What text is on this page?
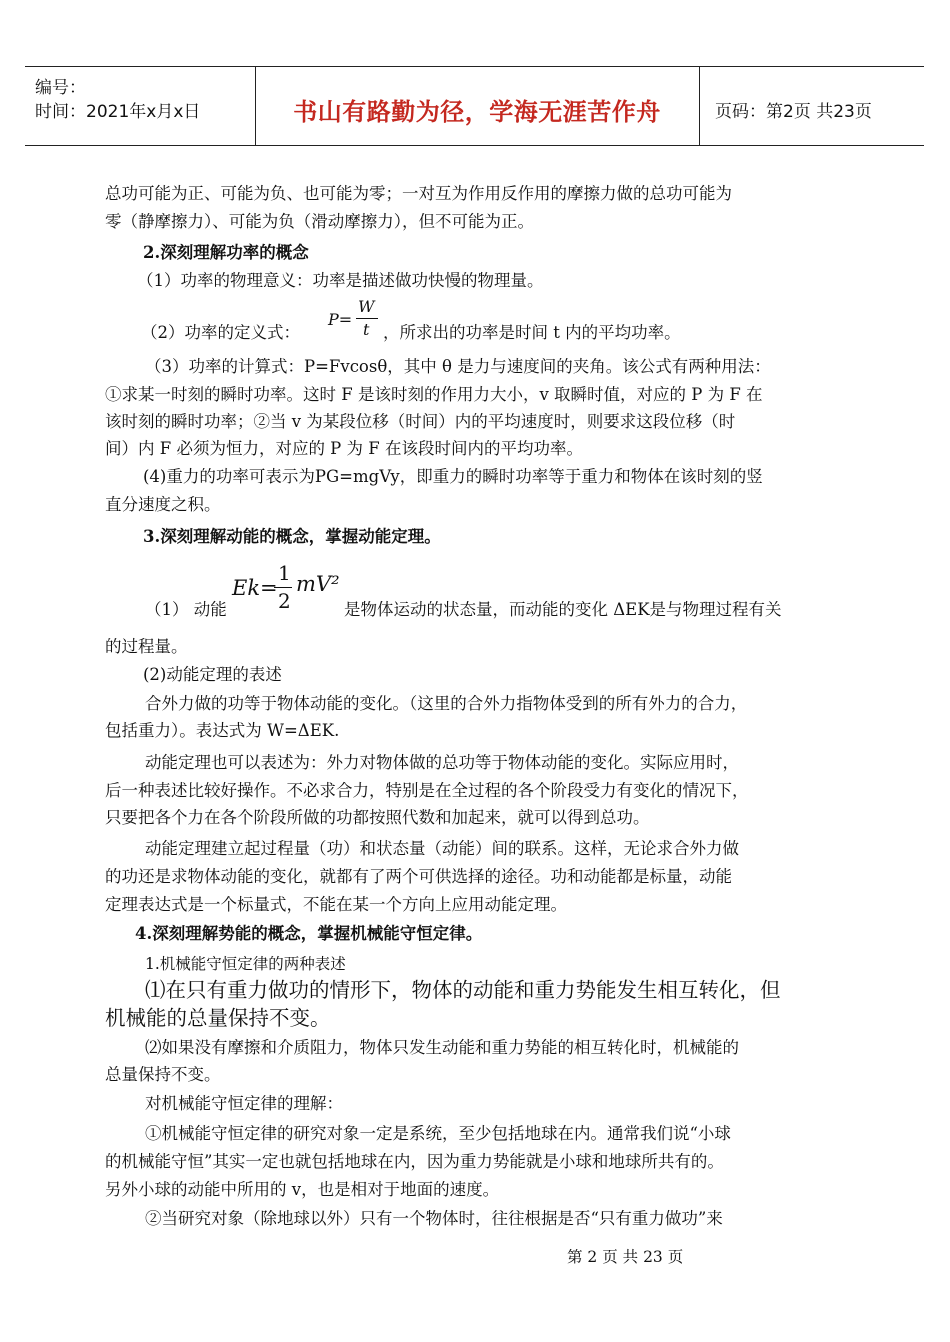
编号：
时间：2021年x月x日	书山有路勤为径，学海无涯苦作舟	页码：第2页 共23页
总功可能为正、可能为负、也可能为零；一对互为作用反作用的摩擦力做的总功可能为
零（静摩擦力）、可能为负（滑动摩擦力），但不可能为正。
2.深刻理解功率的概念
（1）功率的物理意义：功率是描述做功快慢的物理量。
（2）功率的定义式：
P=
W
t ，所求出的功率是时间 t 内的平均功率。
（3）功率的计算式：P=Fvcosθ，其中 θ 是力与速度间的夹角。该公式有两种用法：
①求某一时刻的瞬时功率。这时 F 是该时刻的作用力大小，v 取瞬时值，对应的 P 为 F 在
该时刻的瞬时功率；②当 v 为某段位移（时间）内的平均速度时，则要求这段位移（时
间）内 F 必须为恒力，对应的 P 为 F 在该段时间内的平均功率。
(4)重力的功率可表示为PG=mgVy，即重力的瞬时功率等于重力和物体在该时刻的竖
直分速度之积。
3.深刻理解动能的概念，掌握动能定理。
（1） 动能
Ek=
1
2
mV²
是物体运动的状态量，而动能的变化 ΔEK是与物理过程有关
的过程量。
(2)动能定理的表述
合外力做的功等于物体动能的变化。（这里的合外力指物体受到的所有外力的合力，
包括重力）。表达式为 W=ΔEK.
动能定理也可以表述为：外力对物体做的总功等于物体动能的变化。实际应用时，
后一种表述比较好操作。不必求合力，特别是在全过程的各个阶段受力有变化的情况下，
只要把各个力在各个阶段所做的功都按照代数和加起来，就可以得到总功。
动能定理建立起过程量（功）和状态量（动能）间的联系。这样，无论求合外力做
的功还是求物体动能的变化，就都有了两个可供选择的途径。功和动能都是标量，动能
定理表达式是一个标量式，不能在某一个方向上应用动能定理。
4.深刻理解势能的概念，掌握机械能守恒定律。
1.机械能守恒定律的两种表述
⑴在只有重力做功的情形下，物体的动能和重力势能发生相互转化，但
机械能的总量保持不变。
⑵如果没有摩擦和介质阻力，物体只发生动能和重力势能的相互转化时，机械能的
总量保持不变。
对机械能守恒定律的理解：
①机械能守恒定律的研究对象一定是系统，至少包括地球在内。通常我们说“小球
的机械能守恒”其实一定也就包括地球在内，因为重力势能就是小球和地球所共有的。
另外小球的动能中所用的 v，也是相对于地面的速度。
②当研究对象（除地球以外）只有一个物体时，往往根据是否“只有重力做功”来
第 2 页 共 23 页
